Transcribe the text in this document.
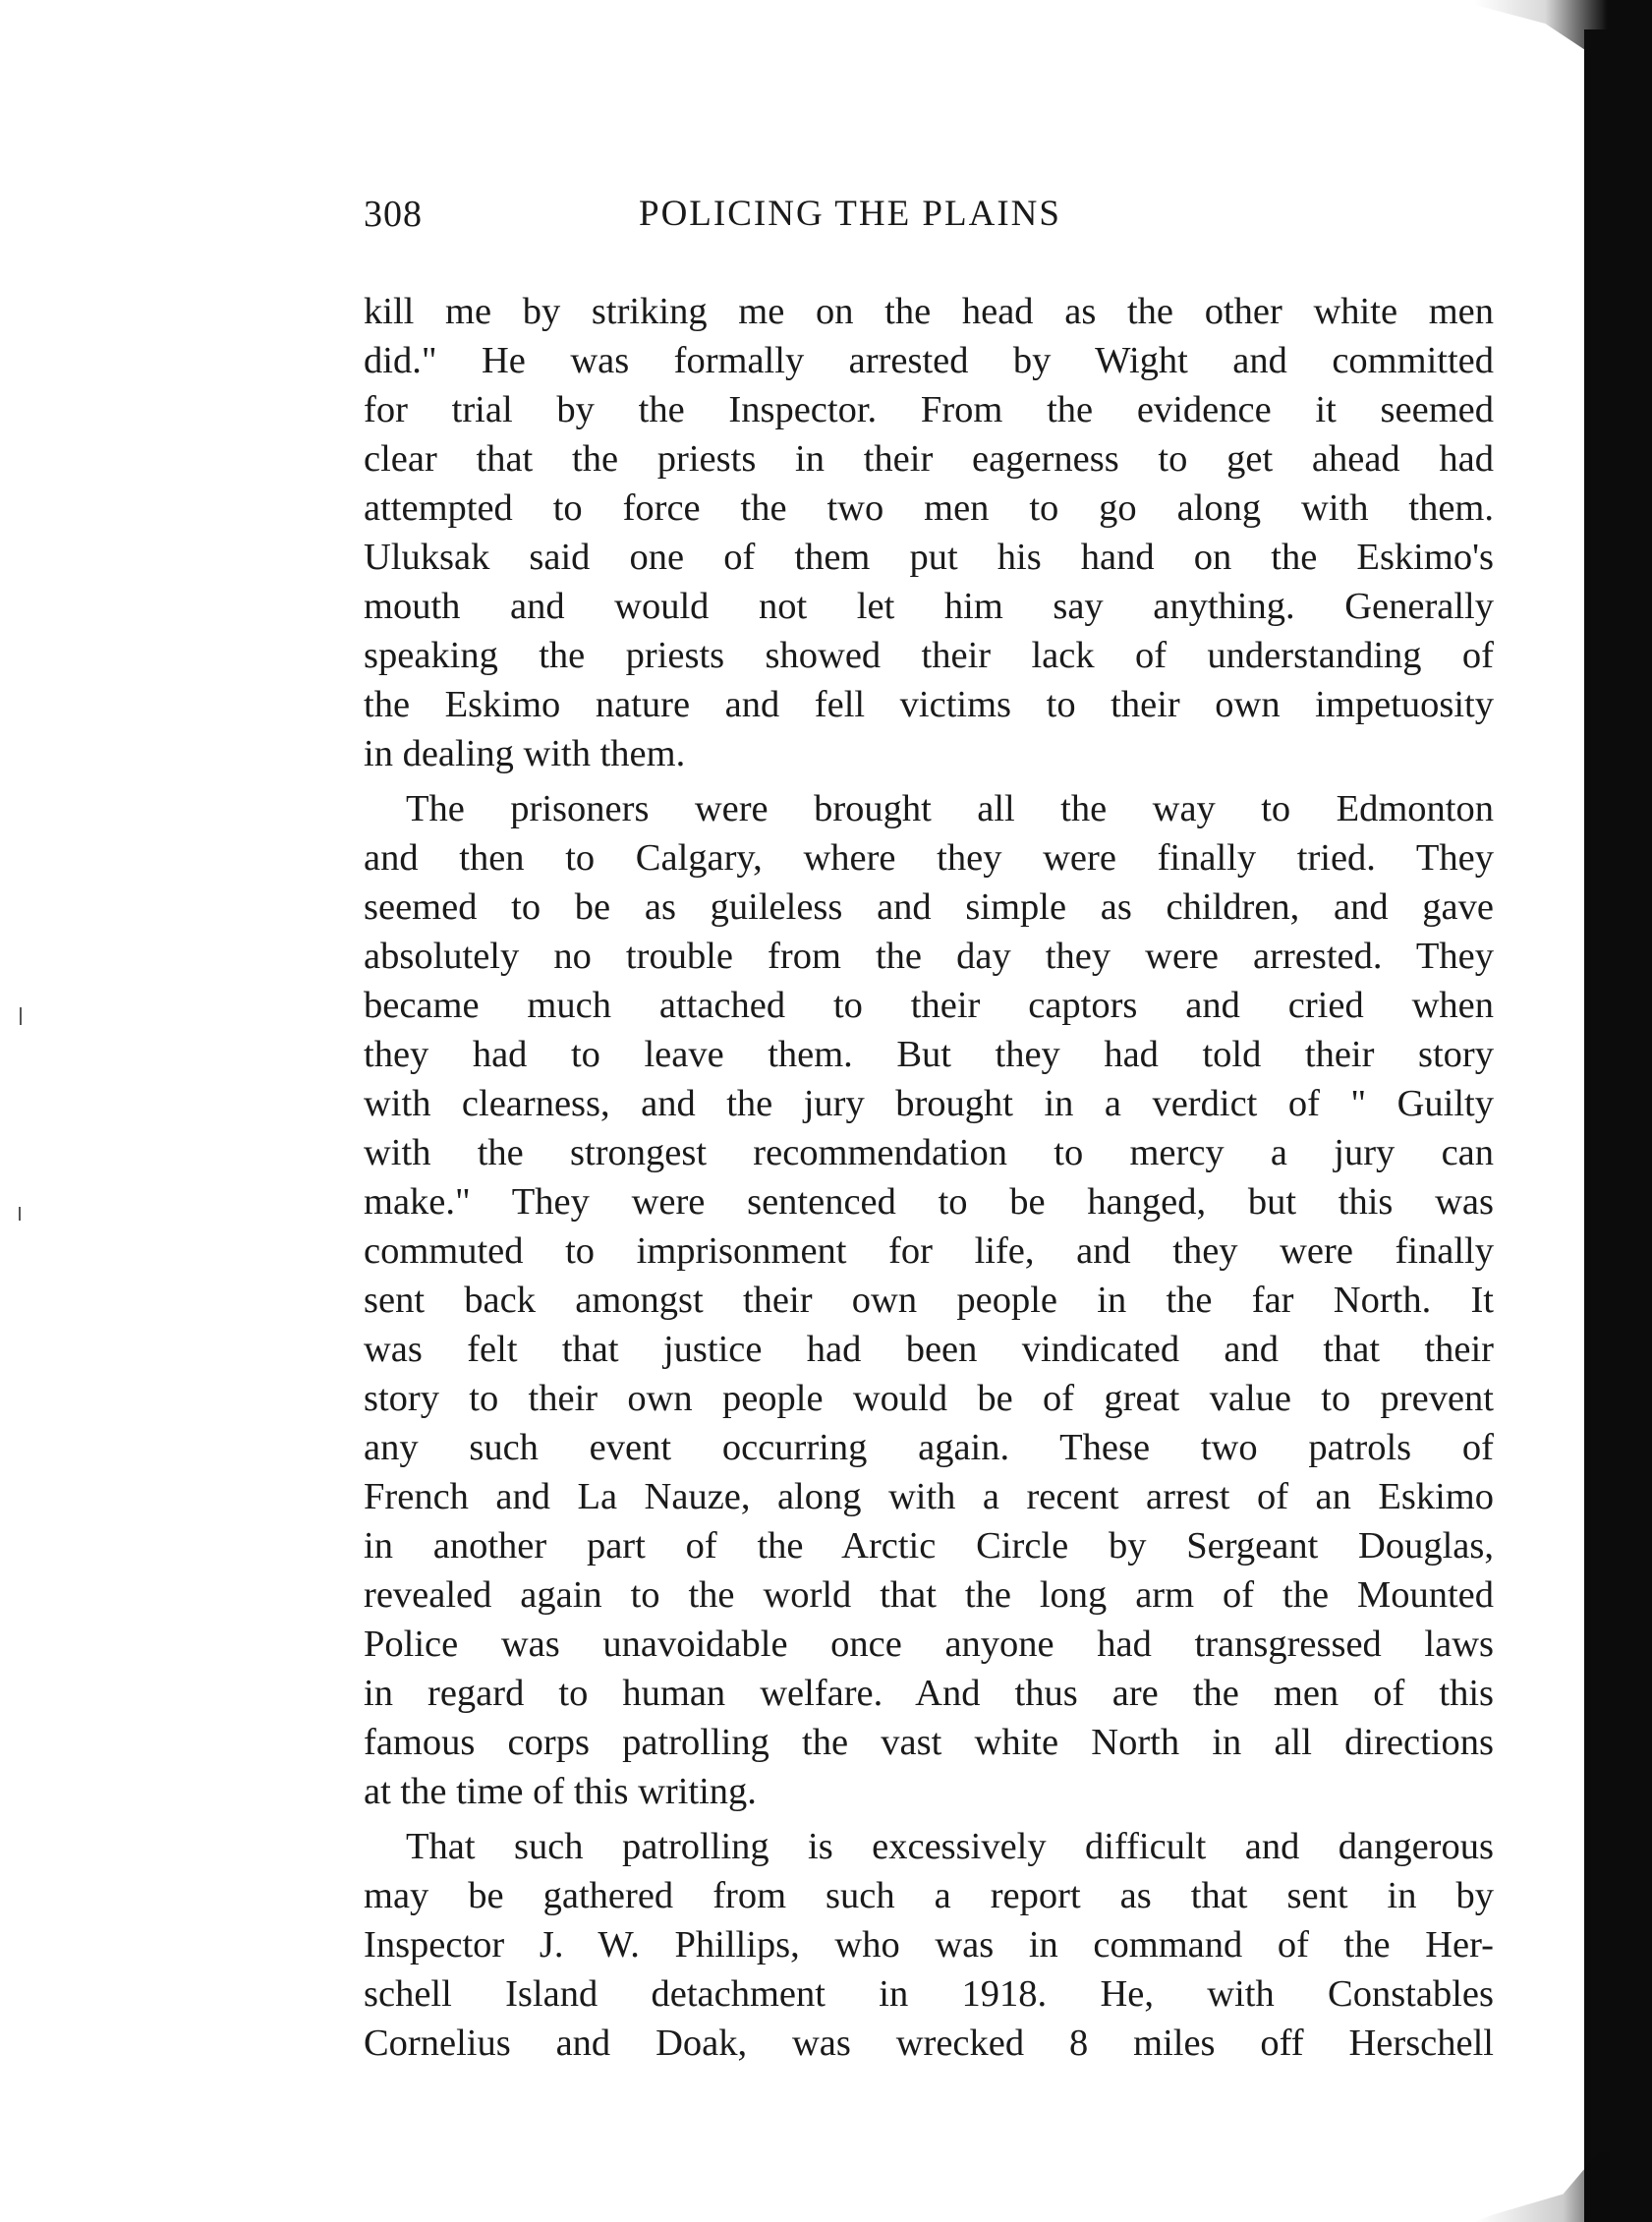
308	POLICING THE PLAINS
kill me by striking me on the head as the other white men
did." He was formally arrested by Wight and committed
for trial by the Inspector. From the evidence it seemed
clear that the priests in their eagerness to get ahead had
attempted to force the two men to go along with them.
Uluksak said one of them put his hand on the Eskimo's
mouth and would not let him say anything. Generally
speaking the priests showed their lack of understanding of
the Eskimo nature and fell victims to their own impetuosity
in dealing with them.
The prisoners were brought all the way to Edmonton
and then to Calgary, where they were finally tried. They
seemed to be as guileless and simple as children, and gave
absolutely no trouble from the day they were arrested. They
became much attached to their captors and cried when
they had to leave them. But they had told their story
with clearness, and the jury brought in a verdict of " Guilty
with the strongest recommendation to mercy a jury can
make." They were sentenced to be hanged, but this was
commuted to imprisonment for life, and they were finally
sent back amongst their own people in the far North. It
was felt that justice had been vindicated and that their
story to their own people would be of great value to prevent
any such event occurring again. These two patrols of
French and La Nauze, along with a recent arrest of an Eskimo
in another part of the Arctic Circle by Sergeant Douglas,
revealed again to the world that the long arm of the Mounted
Police was unavoidable once anyone had transgressed laws
in regard to human welfare. And thus are the men of this
famous corps patrolling the vast white North in all directions
at the time of this writing.
That such patrolling is excessively difficult and dangerous
may be gathered from such a report as that sent in by
Inspector J. W. Phillips, who was in command of the Her-
schell Island detachment in 1918. He, with Constables
Cornelius and Doak, was wrecked 8 miles off Herschell
